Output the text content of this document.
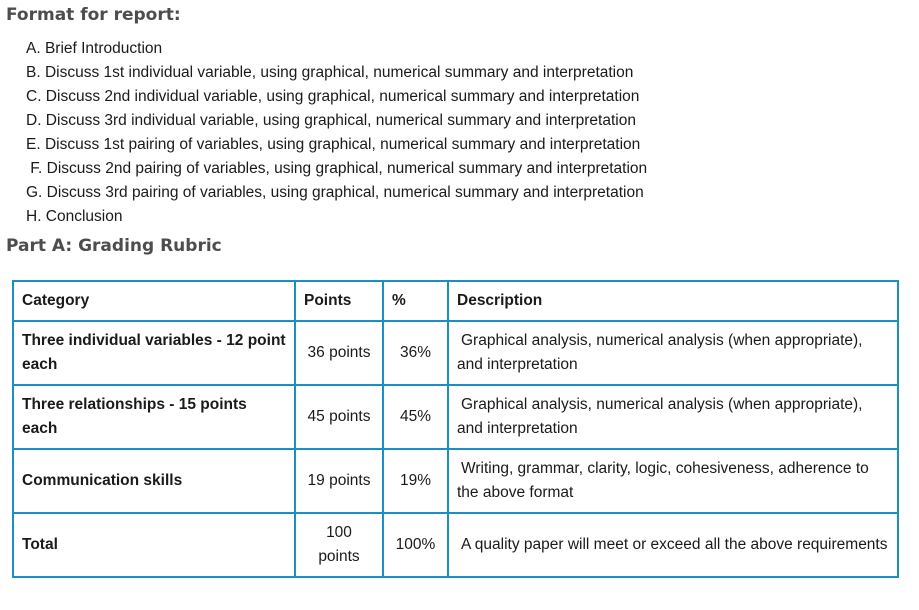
Format for report:
A. Brief Introduction
B. Discuss 1st individual variable, using graphical, numerical summary and interpretation
C. Discuss 2nd individual variable, using graphical, numerical summary and interpretation
D. Discuss 3rd individual variable, using graphical, numerical summary and interpretation
E. Discuss 1st pairing of variables, using graphical, numerical summary and interpretation
F. Discuss 2nd pairing of variables, using graphical, numerical summary and interpretation
G. Discuss 3rd pairing of variables, using graphical, numerical summary and interpretation
H. Conclusion
Part A: Grading Rubric
Category	Points	%	Description
Three individual variables - 12 point each	36 points	36%	Graphical analysis, numerical analysis (when appropriate), and interpretation
Three relationships - 15 points each	45 points	45%	Graphical analysis, numerical analysis (when appropriate), and interpretation
Communication skills	19 points	19%	Writing, grammar, clarity, logic, cohesiveness, adherence to the above format
Total	100 points	100%	A quality paper will meet or exceed all the above requirements
